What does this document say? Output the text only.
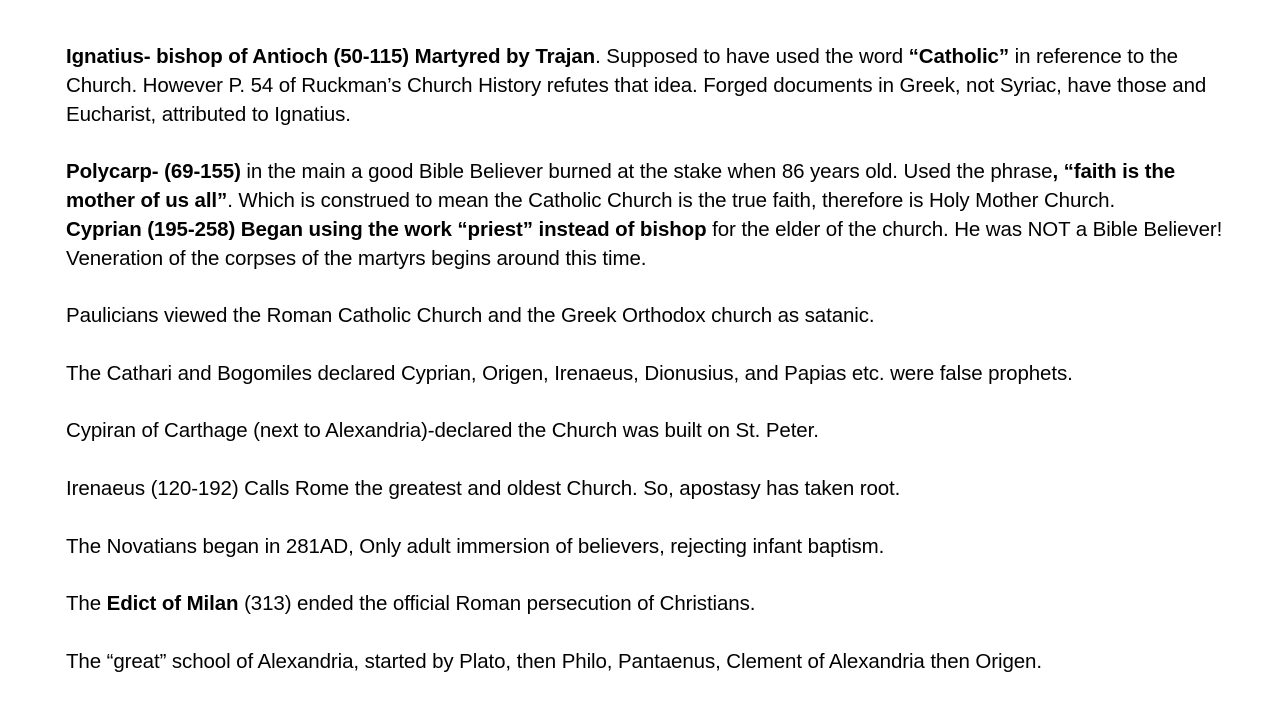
Ignatius- bishop of Antioch (50-115) Martyred by Trajan. Supposed to have used the word “Catholic” in reference to the Church. However P. 54 of Ruckman’s Church History refutes that idea. Forged documents in Greek, not Syriac, have those and Eucharist, attributed to Ignatius.

Polycarp- (69-155) in the main a good Bible Believer burned at the stake when 86 years old. Used the phrase, “faith is the mother of us all”. Which is construed to mean the Catholic Church is the true faith, therefore is Holy Mother Church.

Cyprian (195-258) Began using the work “priest” instead of bishop for the elder of the church. He was NOT a Bible Believer! Veneration of the corpses of the martyrs begins around this time.

Paulicians viewed the Roman Catholic Church and the Greek Orthodox church as satanic.

The Cathari and Bogomiles declared Cyprian, Origen, Irenaeus, Dionusius, and Papias etc. were false prophets.

Cypiran of Carthage (next to Alexandria)-declared the Church was built on St. Peter.

Irenaeus (120-192) Calls Rome the greatest and oldest Church. So, apostasy has taken root.

The Novatians began in 281AD, Only adult immersion of believers, rejecting infant baptism.

The Edict of Milan (313) ended the official Roman persecution of Christians.

The “great” school of Alexandria, started by Plato, then Philo, Pantaenus, Clement of Alexandria then Origen.
